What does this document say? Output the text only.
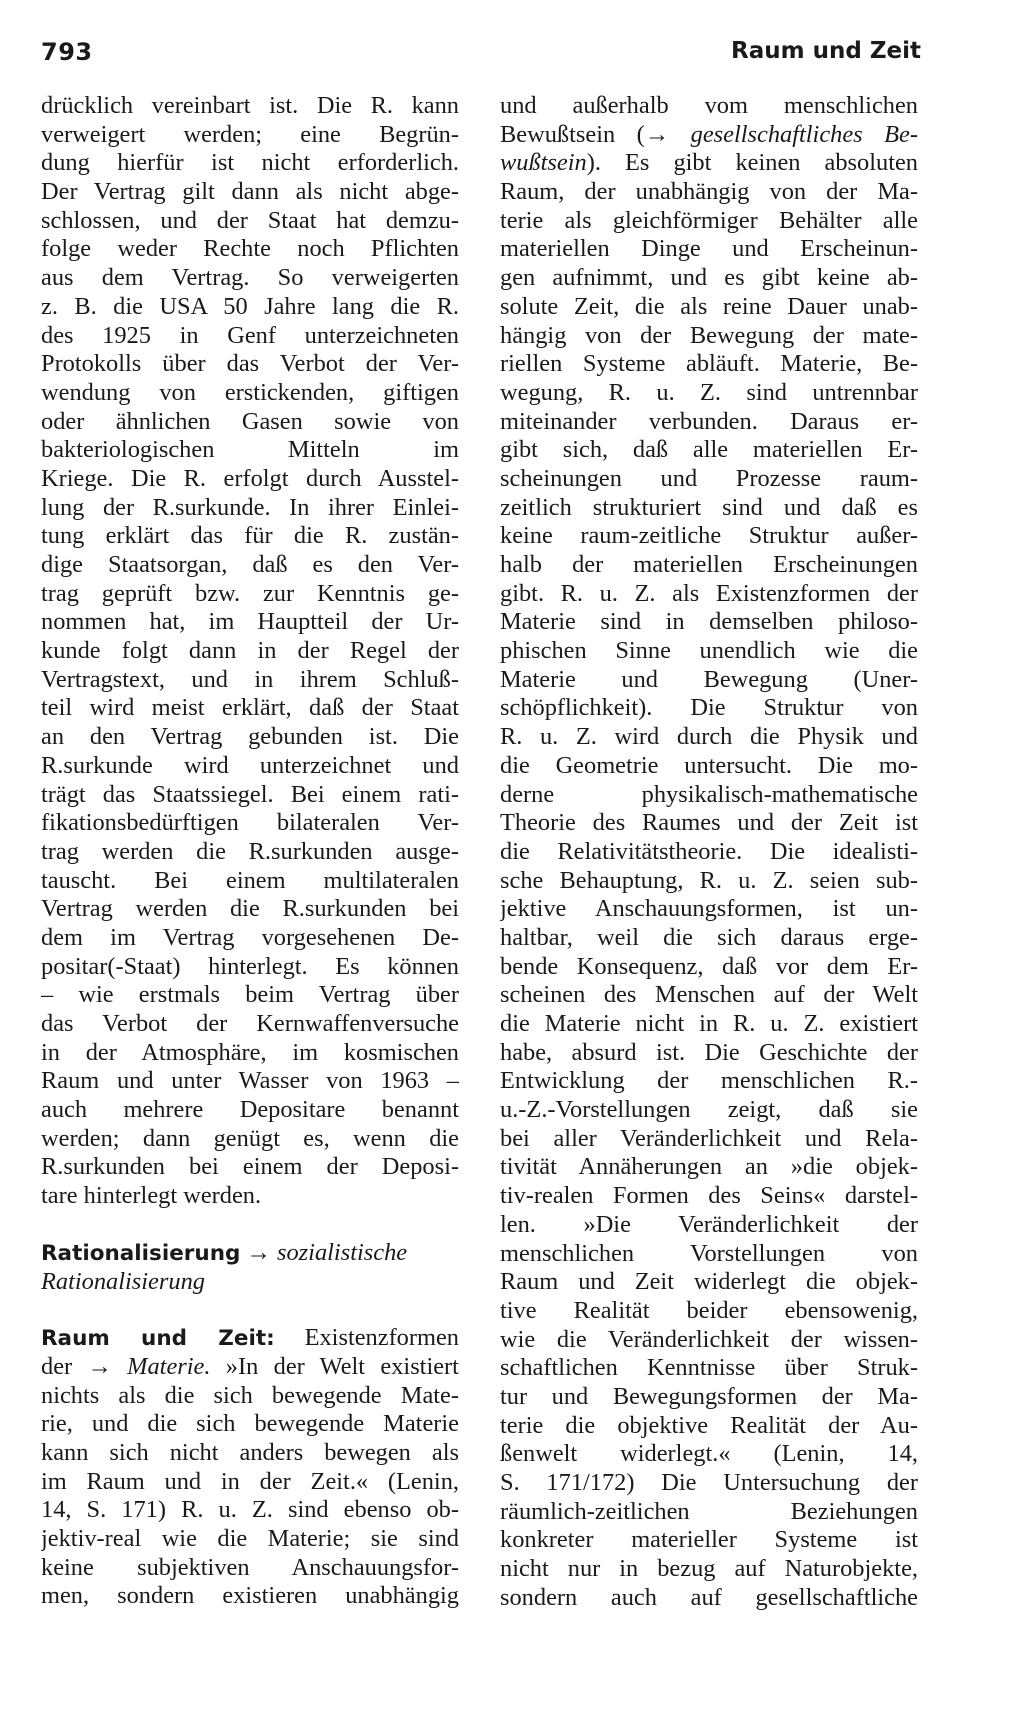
793	Raum und Zeit
drücklich vereinbart ist. Die R. kann
verweigert werden; eine Begrün-
dung hierfür ist nicht erforderlich.
Der Vertrag gilt dann als nicht abge-
schlossen, und der Staat hat demzu-
folge weder Rechte noch Pflichten
aus dem Vertrag. So verweigerten
z. B. die USA 50 Jahre lang die R.
des 1925 in Genf unterzeichneten
Protokolls über das Verbot der Ver-
wendung von erstickenden, giftigen
oder ähnlichen Gasen sowie von
bakteriologischen Mitteln im
Kriege. Die R. erfolgt durch Ausstel-
lung der R.surkunde. In ihrer Einlei-
tung erklärt das für die R. zustän-
dige Staatsorgan, daß es den Ver-
trag geprüft bzw. zur Kenntnis ge-
nommen hat, im Hauptteil der Ur-
kunde folgt dann in der Regel der
Vertragstext, und in ihrem Schluß-
teil wird meist erklärt, daß der Staat
an den Vertrag gebunden ist. Die
R.surkunde wird unterzeichnet und
trägt das Staatssiegel. Bei einem rati-
fikationsbedürftigen bilateralen Ver-
trag werden die R.surkunden ausge-
tauscht. Bei einem multilateralen
Vertrag werden die R.surkunden bei
dem im Vertrag vorgesehenen De-
positar(-Staat) hinterlegt. Es können
– wie erstmals beim Vertrag über
das Verbot der Kernwaffenversuche
in der Atmosphäre, im kosmischen
Raum und unter Wasser von 1963 –
auch mehrere Depositare benannt
werden; dann genügt es, wenn die
R.surkunden bei einem der Deposi-
tare hinterlegt werden.
Rationalisierung → sozialistische
Rationalisierung
Raum und Zeit: Existenzformen
der → Materie. »In der Welt existiert
nichts als die sich bewegende Mate-
rie, und die sich bewegende Materie
kann sich nicht anders bewegen als
im Raum und in der Zeit.« (Lenin,
14, S. 171) R. u. Z. sind ebenso ob-
jektiv-real wie die Materie; sie sind
keine subjektiven Anschauungsfor-
men, sondern existieren unabhängig
und außerhalb vom menschlichen
Bewußtsein (→ gesellschaftliches Be-
wußtsein). Es gibt keinen absoluten
Raum, der unabhängig von der Ma-
terie als gleichförmiger Behälter alle
materiellen Dinge und Erscheinun-
gen aufnimmt, und es gibt keine ab-
solute Zeit, die als reine Dauer unab-
hängig von der Bewegung der mate-
riellen Systeme abläuft. Materie, Be-
wegung, R. u. Z. sind untrennbar
miteinander verbunden. Daraus er-
gibt sich, daß alle materiellen Er-
scheinungen und Prozesse raum-
zeitlich strukturiert sind und daß es
keine raum-zeitliche Struktur außer-
halb der materiellen Erscheinungen
gibt. R. u. Z. als Existenzformen der
Materie sind in demselben philoso-
phischen Sinne unendlich wie die
Materie und Bewegung (Uner-
schöpflichkeit). Die Struktur von
R. u. Z. wird durch die Physik und
die Geometrie untersucht. Die mo-
derne physikalisch-mathematische
Theorie des Raumes und der Zeit ist
die Relativitätstheorie. Die idealisti-
sche Behauptung, R. u. Z. seien sub-
jektive Anschauungsformen, ist un-
haltbar, weil die sich daraus erge-
bende Konsequenz, daß vor dem Er-
scheinen des Menschen auf der Welt
die Materie nicht in R. u. Z. existiert
habe, absurd ist. Die Geschichte der
Entwicklung der menschlichen R.-
u.-Z.-Vorstellungen zeigt, daß sie
bei aller Veränderlichkeit und Rela-
tivität Annäherungen an »die objek-
tiv-realen Formen des Seins« darstel-
len. »Die Veränderlichkeit der
menschlichen Vorstellungen von
Raum und Zeit widerlegt die objek-
tive Realität beider ebensowenig,
wie die Veränderlichkeit der wissen-
schaftlichen Kenntnisse über Struk-
tur und Bewegungsformen der Ma-
terie die objektive Realität der Au-
ßenwelt widerlegt.« (Lenin, 14,
S. 171/172) Die Untersuchung der
räumlich-zeitlichen Beziehungen
konkreter materieller Systeme ist
nicht nur in bezug auf Naturobjekte,
sondern auch auf gesellschaftliche
